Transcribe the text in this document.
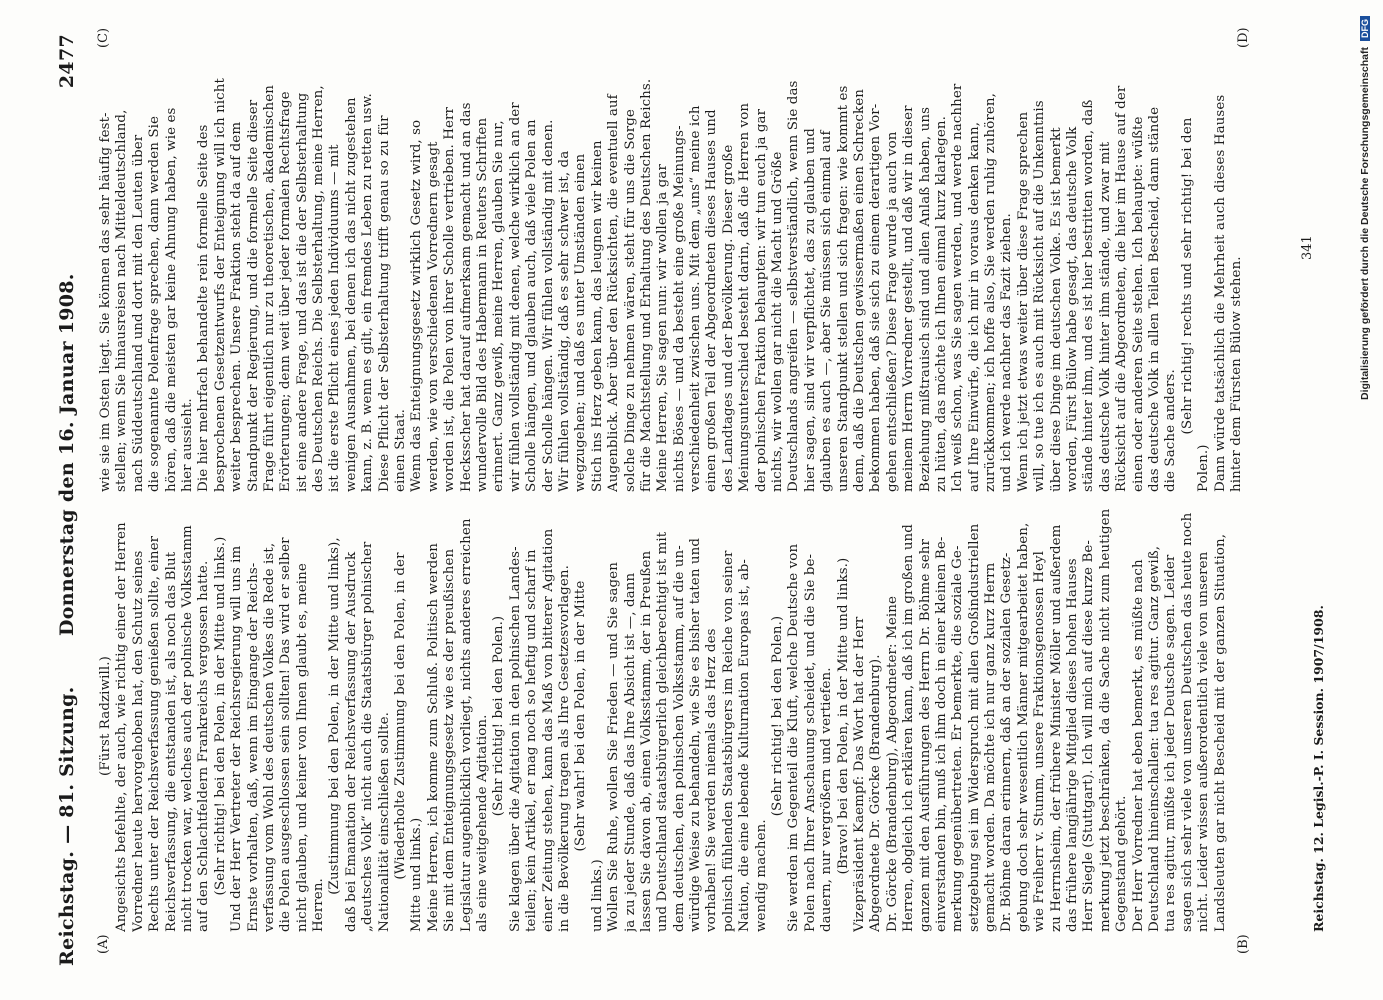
Reichstag. — 81. Sitzung.
Donnerstag den 16. Januar 1908.
2477
(A)	(B)
(C)	(D)
(Fürst Radziwill.) Angesichts befehlte, der auch, wie richtig einer der Herren Vorredner heute hervorgehoben hat, den Schutz seines Rechts unter der Reichsverfassung genießen sollte, einer Reichsverfassung, die entstanden ist, als noch das Blut nicht trocken war, welches auch der polnische Volksstamm auf den Schlachtfeldern Frankreichs vergossen hatte. (Sehr richtig! bei den Polen, in der Mitte und links.) Und der Herr Vertreter der Reichsregierung will uns im Ernste vorhalten, daß, wenn im Eingange der Reichs- verfassung vom Wohl des deutschen Volkes die Rede ist, die Polen ausgeschlossen sein sollten! Das wird er selber nicht glauben, und keiner von Ihnen glaubt es, meine Herren.
(Zustimmung bei den Polen, in der Mitte und links), daß bei Emanation der Reichsverfassung der Ausdruck „deutsches Volk“ nicht auch die Staatsbürger polnischer Nationalität einschließen sollte. (Wiederholte Zustimmung bei den Polen, in der Mitte und links.) Meine Herren, ich komme zum Schluß. Politisch werden Sie mit dem Enteignungsgesetz wie es der preußischen Legislatur augenblicklich vorliegt, nichts anderes erreichen als eine weitgehende Agitation. (Sehr richtig! bei den Polen.) Sie klagen über die Agitation in den polnischen Landes- teilen; kein Artikel, er mag noch so heftig und scharf in einer Zeitung stehen, kann das Maß von bitterer Agitation in die Bevölkerung tragen als Ihre Gesetzesvorlagen. (Sehr wahr! bei den Polen, in der Mitte
und links.) Wollen Sie Ruhe, wollen Sie Frieden — und Sie sagen ja zu jeder Stunde, daß das Ihre Absicht ist —, dann lassen Sie davon ab, einen Volksstamm, der in Preußen und Deutschland staatsbürgerlich gleichberechtigt ist mit dem deutschen, den polnischen Volksstamm, auf die un- würdige Weise zu behandeln, wie Sie es bisher taten und vorhaben! Sie werden niemals das Herz des polnisch fühlenden Staatsbürgers im Reiche von seiner Nation, die eine lebende Kulturnation Europas ist, ab- wendig machen.
(Sehr richtig! bei den Polen.) Sie werden im Gegenteil die Kluft, welche Deutsche von Polen nach Ihrer Anschauung scheidet, und die Sie be- dauern, nur vergrößern und vertiefen. (Bravo! bei den Polen, in der Mitte und links.) Vizepräsident Kaempf: Das Wort hat der Herr Abgeordnete Dr. Görcke (Brandenburg). Dr. Görcke (Brandenburg), Abgeordneter: Meine Herren, obgleich ich erklären kann, daß ich im großen und ganzen mit den Ausführungen des Herrn Dr. Böhme sehr einverstanden bin, muß ich ihm doch in einer kleinen Be- merkung gegenübertreten. Er bemerkte, die soziale Ge- setzgebung sei im Widerspruch mit allen Großindustriellen gemacht worden. Da möchte ich nur ganz kurz Herrn Dr. Böhme daran erinnern, daß an der sozialen Gesetz- gebung doch sehr wesentlich Männer mitgearbeitet haben, wie Freiherr v. Stumm, unsere Fraktionsgenossen Heyl zu Herrnsheim, der frühere Minister Möller und außerdem das frühere langjährige Mitglied dieses hohen Hauses Herr Siegle (Stuttgart). Ich will mich auf diese kurze Be- merkung jetzt beschränken, da die Sache nicht zum heutigen Gegenstand gehört. Der Herr Vorredner hat eben bemerkt, es müßte nach Deutschland hineinschallen: tua res agitur. Ganz gewiß, tua res agitur, müßte ich jeder Deutsche sagen. Leider sagen sich sehr viele von unseren Deutschen das heute noch nicht. Leider wissen außerordentlich viele von unseren Landsleuten gar nicht Bescheid mit der ganzen Situation,
wie sie im Osten liegt. Sie können das sehr häufig fest- stellen; wenn Sie hinausreisen nach Mitteldeutschland, nach Süddeutschland und dort mit den Leuten über die sogenannte Polenfrage sprechen, dann werden Sie hören, daß die meisten gar keine Ahnung haben, wie es hier aussieht. Die hier mehrfach behandelte rein formelle Seite des besprochenen Gesetzentwurfs der Enteignung will ich nicht weiter besprechen. Unsere Fraktion steht da auf dem Standpunkt der Regierung, und die formelle Seite dieser Frage führt eigentlich nur zu theoretischen, akademischen Erörterungen; denn weit über jeder formalen Rechtsfrage ist eine andere Frage, und das ist die der Selbsterhaltung des Deutschen Reichs. Die Selbsterhaltung, meine Herren, ist die erste Pflicht eines jeden Individuums — mit wenigen Ausnahmen, bei denen ich das nicht zugestehen kann, z. B. wenn es gilt, ein fremdes Leben zu retten usw. Diese Pflicht der Selbsterhaltung trifft genau so zu für einen Staat. Wenn das Enteignungsgesetz wirklich Gesetz wird, so werden, wie von verschiedenen Vorrednern gesagt worden ist, die Polen von ihrer Scholle vertrieben. Herr Hecksscher hat darauf aufmerksam gemacht und an das wundervolle Bild des Habermann in Reuters Schriften erinnert. Ganz gewiß, meine Herren, glauben Sie nur, wir fühlen vollständig mit denen, welche wirklich an der Scholle hängen, und glauben auch, daß viele Polen an der Scholle hängen. Wir fühlen vollständig mit denen. Wir fühlen vollständig, daß es sehr schwer ist, da wegzugehen; und daß es unter Umständen einen Stich ins Herz geben kann, das leugnen wir keinen Augenblick. Aber über den Rücksichten, die eventuell auf solche Dinge zu nehmen wären, steht für uns die Sorge für die Machtstellung und Erhaltung des Deutschen Reichs. Meine Herren, Sie sagen nun: wir wollen ja gar nichts Böses — und da besteht eine große Meinungs- verschiedenheit zwischen uns. Mit dem „uns“ meine ich einen großen Teil der Abgeordneten dieses Hauses und des Landtages und der Bevölkerung. Dieser große Meinungsunterschied besteht darin, daß die Herren von der polnischen Fraktion behaupten: wir tun euch ja gar nichts, wir wollen gar nicht die Macht und Größe Deutschlands angreifen — selbstverständlich, wenn Sie das hier sagen, sind wir verpflichtet, das zu glauben und glauben es auch —, aber Sie müssen sich einmal auf unseren Standpunkt stellen und sich fragen: wie kommt es denn, daß die Deutschen gewissermaßen einen Schrecken bekommen haben, daß sie sich zu einem derartigen Vor- gehen entschließen? Diese Frage wurde ja auch von meinem Herrn Vorredner gestellt, und daß wir in dieser Beziehung mißtrauisch sind und allen Anlaß haben, uns zu hüten, das möchte ich Ihnen einmal kurz klarlegen. Ich weiß schon, was Sie sagen werden, und werde nachher auf Ihre Einwürfe, die ich mir in voraus denken kann, zurückkommen; ich hoffe also, Sie werden ruhig zuhören, und ich werde nachher das Fazit ziehen. Wenn ich jetzt etwas weiter über diese Frage sprechen will, so tue ich es auch mit Rücksicht auf die Unkenntnis über diese Dinge im deutschen Volke. Es ist bemerkt worden, Fürst Bülow habe gesagt, das deutsche Volk stände hinter ihm, und es ist hier bestritten worden, daß das deutsche Volk hinter ihm stände, und zwar mit Rücksicht auf die Abgeordneten, die hier im Hause auf der einen oder anderen Seite stehen. Ich behaupte: wüßte das deutsche Volk in allen Teilen Bescheid, dann stände die Sache anders. (Sehr richtig! rechts und sehr richtig! bei den
Polen.) Dann würde tatsächlich die Mehrheit auch dieses Hauses hinter dem Fürsten Bülow stehen.
341
Reichstag. 12. Legisl.-P. I. Session. 1907/1908.
Digitalisierung gefördert durch die Deutsche Forschungsgemeinschaft
DFG
